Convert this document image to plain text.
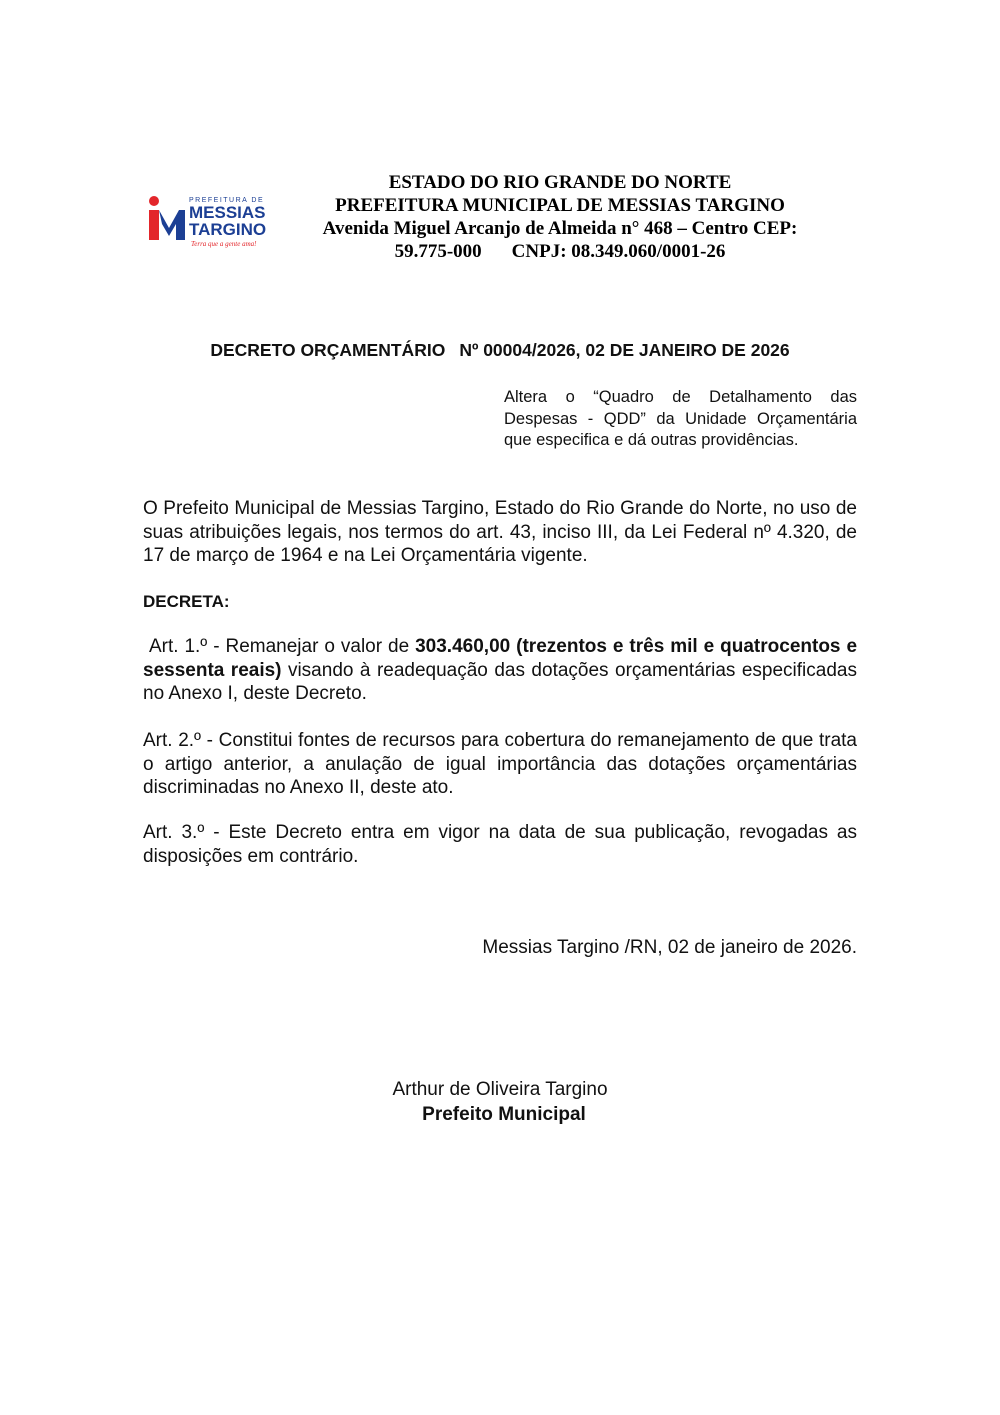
PREFEITURA DE
MESSIAS
TARGINO
Terra que a gente ama!
ESTADO DO RIO GRANDE DO NORTE
PREFEITURA MUNICIPAL DE MESSIAS TARGINO
Avenida Miguel Arcanjo de Almeida n° 468 – Centro CEP:
59.775-000 CNPJ: 08.349.060/0001-26
DECRETO ORÇAMENTÁRIO Nº 00004/2026, 02 DE JANEIRO DE 2026
Altera o “Quadro de Detalhamento das Despesas - QDD” da Unidade Orçamentária que especifica e dá outras providências.
O Prefeito Municipal de Messias Targino, Estado do Rio Grande do Norte, no uso de suas atribuições legais, nos termos do art. 43, inciso III, da Lei Federal nº 4.320, de 17 de março de 1964 e na Lei Orçamentária vigente.
DECRETA:
Art. 1.º - Remanejar o valor de 303.460,00 (trezentos e três mil e quatrocentos e sessenta reais) visando à readequação das dotações orçamentárias especificadas no Anexo I, deste Decreto.
Art. 2.º - Constitui fontes de recursos para cobertura do remanejamento de que trata o artigo anterior, a anulação de igual importância das dotações orçamentárias discriminadas no Anexo II, deste ato.
Art. 3.º - Este Decreto entra em vigor na data de sua publicação, revogadas as disposições em contrário.
Messias Targino /RN, 02 de janeiro de 2026.
Arthur de Oliveira Targino
Prefeito Municipal
